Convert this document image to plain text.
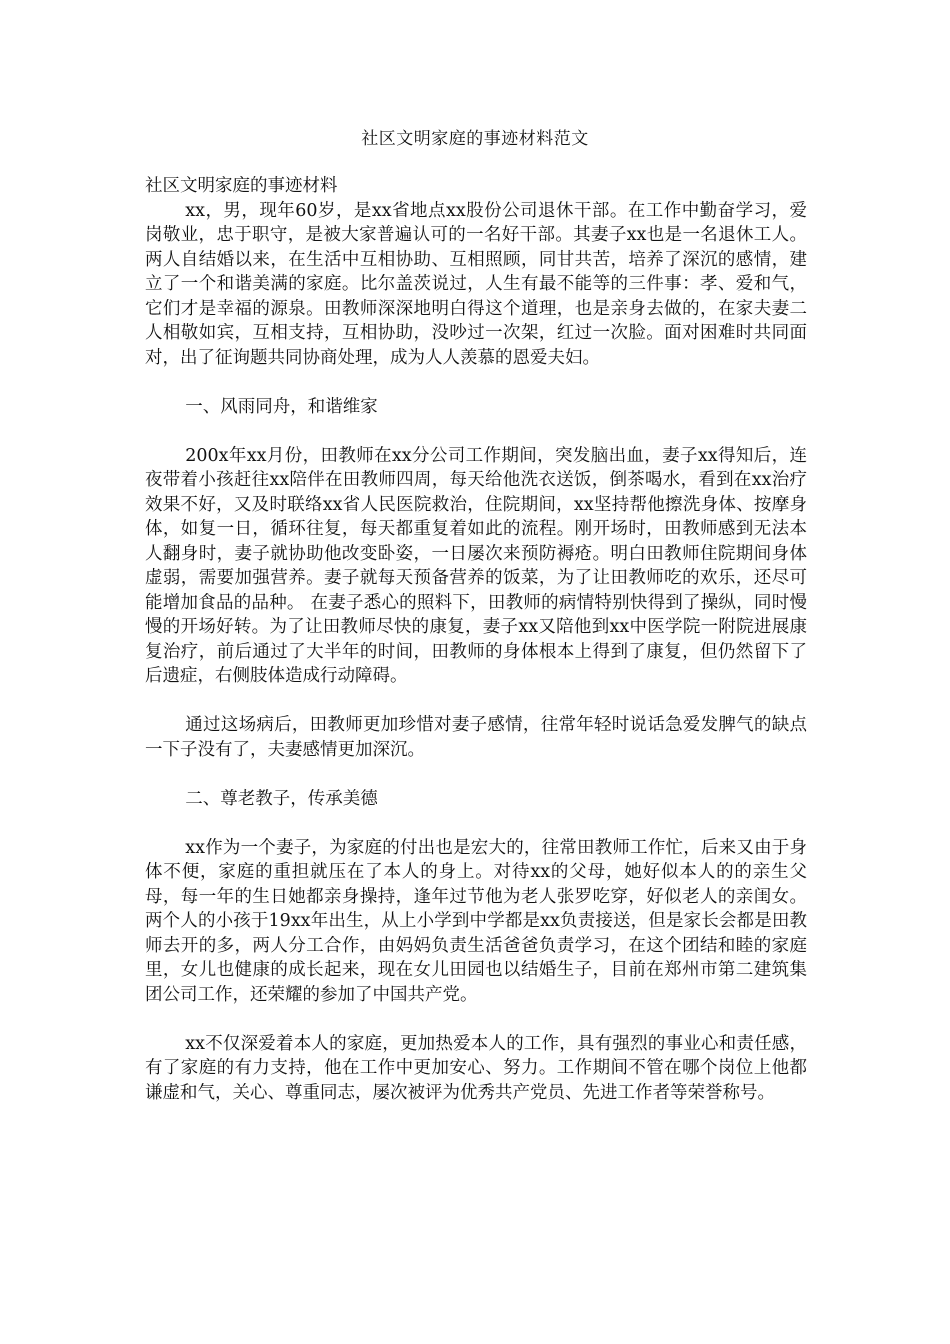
社区文明家庭的事迹材料范文

社区文明家庭的事迹材料

xx，男，现年60岁，是xx省地点xx股份公司退休干部。在工作中勤奋学习，爱岗敬业，忠于职守，是被大家普遍认可的一名好干部。其妻子xx也是一名退休工人。两人自结婚以来，在生活中互相协助、互相照顾，同甘共苦，培养了深沉的感情，建立了一个和谐美满的家庭。比尔盖茨说过，人生有最不能等的三件事：孝、爱和气，它们才是幸福的源泉。田教师深深地明白得这个道理，也是亲身去做的，在家夫妻二人相敬如宾，互相支持，互相协助，没吵过一次架，红过一次脸。面对困难时共同面对，出了征询题共同协商处理，成为人人羡慕的恩爱夫妇。

一、风雨同舟，和谐维家

200x年xx月份，田教师在xx分公司工作期间，突发脑出血，妻子xx得知后，连夜带着小孩赶往xx陪伴在田教师四周，每天给他洗衣送饭，倒茶喝水，看到在xx治疗效果不好，又及时联络xx省人民医院救治，住院期间，xx坚持帮他擦洗身体、按摩身体，如复一日，循环往复，每天都重复着如此的流程。刚开场时，田教师感到无法本人翻身时，妻子就协助他改变卧姿，一日屡次来预防褥疮。明白田教师住院期间身体虚弱，需要加强营养。妻子就每天预备营养的饭菜，为了让田教师吃的欢乐，还尽可能增加食品的品种。 在妻子悉心的照料下，田教师的病情特别快得到了操纵，同时慢慢的开场好转。为了让田教师尽快的康复，妻子xx又陪他到xx中医学院一附院进展康复治疗，前后通过了大半年的时间，田教师的身体根本上得到了康复，但仍然留下了后遗症，右侧肢体造成行动障碍。

通过这场病后，田教师更加珍惜对妻子感情，往常年轻时说话急爱发脾气的缺点一下子没有了，夫妻感情更加深沉。

二、尊老教子，传承美德

xx作为一个妻子，为家庭的付出也是宏大的，往常田教师工作忙，后来又由于身体不便，家庭的重担就压在了本人的身上。对待xx的父母，她好似本人的的亲生父母，每一年的生日她都亲身操持，逢年过节他为老人张罗吃穿，好似老人的亲闺女。两个人的小孩于19xx年出生，从上小学到中学都是xx负责接送，但是家长会都是田教师去开的多，两人分工合作，由妈妈负责生活爸爸负责学习，在这个团结和睦的家庭里，女儿也健康的成长起来，现在女儿田园也以结婚生子，目前在郑州市第二建筑集团公司工作，还荣耀的参加了中国共产党。

xx不仅深爱着本人的家庭，更加热爱本人的工作，具有强烈的事业心和责任感，有了家庭的有力支持，他在工作中更加安心、努力。工作期间不管在哪个岗位上他都谦虚和气，关心、尊重同志，屡次被评为优秀共产党员、先进工作者等荣誉称号。
